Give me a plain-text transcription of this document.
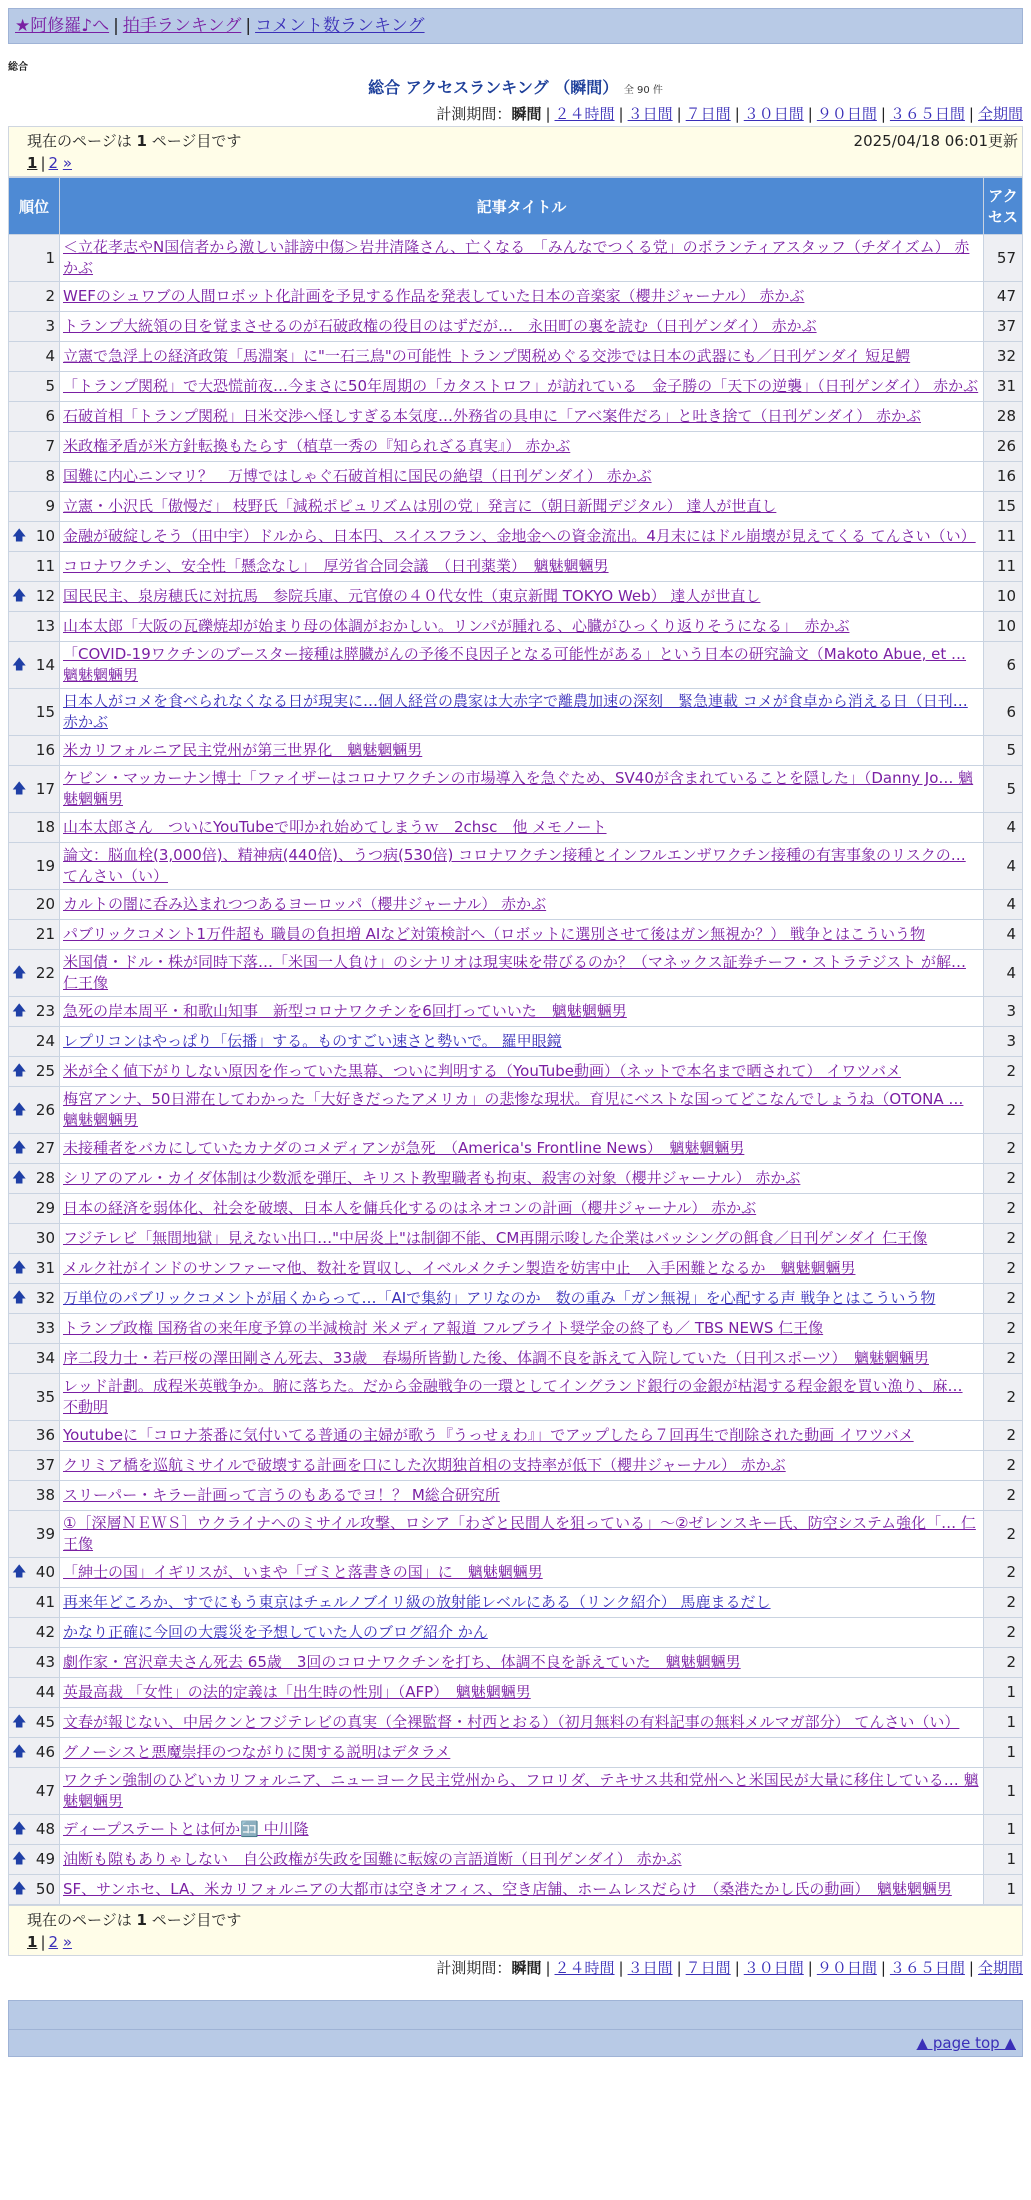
★阿修羅♪へ | 拍手ランキング | コメント数ランキング
総合
総合 アクセスランキング （瞬間） 全 90 件
計測期間：瞬間 | ２４時間 | ３日間 | ７日間 | ３０日間 | ９０日間 | ３６５日間 | 全期間
現在のページは 1 ページ目です	2025/04/18 06:01更新
1 | 2 »
順位	記事タイトル	アクセス
1	＜立花孝志やN国信者から激しい誹謗中傷＞岩井清隆さん、亡くなる　「みんなでつくる党」のボランティアスタッフ（チダイズム） 赤かぶ	57
2	WEFのシュワブの人間ロボット化計画を予見する作品を発表していた日本の音楽家（櫻井ジャーナル） 赤かぶ	47
3	トランプ大統領の目を覚まさせるのが石破政権の役目のはずだが…　永田町の裏を読む（日刊ゲンダイ） 赤かぶ	37
4	立憲で急浮上の経済政策「馬淵案」に"一石三鳥"の可能性 トランプ関税めぐる交渉では日本の武器にも／日刊ゲンダイ 短足鰐	32
5	「トランプ関税」で大恐慌前夜…今まさに50年周期の「カタストロフ」が訪れている　金子勝の「天下の逆襲」（日刊ゲンダイ） 赤かぶ	31
6	石破首相「トランプ関税」日米交渉へ怪しすぎる本気度…外務省の具申に「アベ案件だろ」と吐き捨て（日刊ゲンダイ） 赤かぶ	28
7	米政権矛盾が米方針転換もたらす（植草一秀の『知られざる真実』） 赤かぶ	26
8	国難に内心ニンマリ？　万博ではしゃぐ石破首相に国民の絶望（日刊ゲンダイ） 赤かぶ	16
9	立憲・小沢氏「傲慢だ」 枝野氏「減税ポピュリズムは別の党」発言に（朝日新聞デジタル） 達人が世直し	15

🡅 10	金融が破綻しそう（田中宇）ドルから、日本円、スイスフラン、金地金への資金流出。4月末にはドル崩壊が見えてくる てんさい（い）	11
11	コロナワクチン、安全性「懸念なし」　厚労省合同会議　（日刊薬業）　魑魅魍魎男	11

🡅 12	国民民主、泉房穂氏に対抗馬　参院兵庫、元官僚の４０代女性（東京新聞 TOKYO Web） 達人が世直し	10
13	山本太郎「大阪の瓦礫焼却が始まり母の体調がおかしい。リンパが腫れる、心臓がひっくり返りそうになる」　赤かぶ	10

🡅 14	「COVID-19ワクチンのブースター接種は膵臓がんの予後不良因子となる可能性がある」という日本の研究論文（Makoto Abue, et … 魑魅魍魎男	6
15	日本人がコメを食べられなくなる日が現実に…個人経営の農家は大赤字で離農加速の深刻　緊急連載 コメが食卓から消える日（日刊… 赤かぶ	6
16	米カリフォルニア民主党州が第三世界化　魑魅魍魎男	5

🡅 17	ケビン・マッカーナン博士「ファイザーはコロナワクチンの市場導入を急ぐため、SV40が含まれていることを隠した」（Danny Jo… 魑魅魍魎男	5
18	山本太郎さん　ついにYouTubeで叩かれ始めてしまうｗ　2chsc　他 メモノート	4
19	論文：脳血栓(3,000倍)、精神病(440倍)、うつ病(530倍) コロナワクチン接種とインフルエンザワクチン接種の有害事象のリスクの… てんさい（い）	4
20	カルトの闇に呑み込まれつつあるヨーロッパ（櫻井ジャーナル） 赤かぶ	4
21	パブリックコメント1万件超も 職員の負担増 AIなど対策検討へ（ロボットに選別させて後はガン無視か？） 戦争とはこういう物	4

🡅 22	米国債・ドル・株が同時下落…「米国一人負け」のシナリオは現実味を帯びるのか？（マネックス証券チーフ・ストラテジスト が解… 仁王像	4

🡅 23	急死の岸本周平・和歌山知事　新型コロナワクチンを6回打っていいた　魑魅魍魎男	3
24	レプリコンはやっぱり「伝播」する。ものすごい速さと勢いで。 羅甲眼鏡	3

🡅 25	米が全く値下がりしない原因を作っていた黒幕、ついに判明する（YouTube動画）（ネットで本名まで晒されて） イワツバメ	2

🡅 26	梅宮アンナ、50日滞在してわかった「大好きだったアメリカ」の悲惨な現状。育児にベストな国ってどこなんでしょうね（OTONA … 魑魅魍魎男	2

🡅 27	未接種者をバカにしていたカナダのコメディアンが急死　（America's Frontline News）　魑魅魍魎男	2

🡅 28	シリアのアル・カイダ体制は少数派を弾圧、キリスト教聖職者も拘束、殺害の対象（櫻井ジャーナル） 赤かぶ	2
29	日本の経済を弱体化、社会を破壊、日本人を傭兵化するのはネオコンの計画（櫻井ジャーナル） 赤かぶ	2
30	フジテレビ「無間地獄」見えない出口…"中居炎上"は制御不能、CM再開示唆した企業はバッシングの餌食／日刊ゲンダイ 仁王像	2

🡅 31	メルク社がインドのサンファーマ他、数社を買収し、イベルメクチン製造を妨害中止　入手困難となるか　魑魅魍魎男	2

🡅 32	万単位のパブリックコメントが届くからって…「AIで集約」アリなのか　数の重み「ガン無視」を心配する声 戦争とはこういう物	2
33	トランプ政権 国務省の来年度予算の半減検討 米メディア報道 フルブライト奨学金の終了も／ TBS NEWS 仁王像	2
34	序二段力士・若戸桜の澤田剛さん死去、33歳　春場所皆勤した後、体調不良を訴えて入院していた（日刊スポーツ）　魑魅魍魎男	2
35	レッド計劃。成程米英戦争か。腑に落ちた。だから金融戦争の一環としてイングランド銀行の金銀が枯渇する程金銀を買い漁り、麻… 不動明	2
36	Youtubeに「コロナ茶番に気付いてる普通の主婦が歌う『うっせぇわ』」でアップしたら７回再生で削除された動画 イワツバメ	2
37	クリミア橋を巡航ミサイルで破壊する計画を口にした次期独首相の支持率が低下（櫻井ジャーナル） 赤かぶ	2
38	スリーパー・キラー計画って言うのもあるでヨ！？ M総合研究所	2
39	①［深層ＮＥＷＳ］ウクライナへのミサイル攻撃、ロシア「わざと民間人を狙っている」～②ゼレンスキー氏、防空システム強化「… 仁王像	2

🡅 40	「紳士の国」イギリスが、いまや「ゴミと落書きの国」に　魑魅魍魎男	2
41	再来年どころか、すでにもう東京はチェルノブイリ級の放射能レベルにある（リンク紹介） 馬鹿まるだし	2
42	かなり正確に今回の大震災を予想していた人のブログ紹介 かん	2
43	劇作家・宮沢章夫さん死去 65歳　3回のコロナワクチンを打ち、体調不良を訴えていた　魑魅魍魎男	2
44	英最高裁 「女性」の法的定義は「出生時の性別」（AFP）　魑魅魍魎男	1

🡅 45	文春が報じない、中居クンとフジテレビの真実（全裸監督・村西とおる）（初月無料の有料記事の無料メルマガ部分） てんさい（い）	1

🡅 46	グノーシスと悪魔崇拝のつながりに関する説明はデタラメ	1
47	ワクチン強制のひどいカリフォルニア、ニューヨーク民主党州から、フロリダ、テキサス共和党州へと米国民が大量に移住している… 魑魅魍魎男	1

🡅 48	ディープステートとは何か🈁 中川隆	1

🡅 49	油断も隙もありゃしない　自公政権が失政を国難に転嫁の言語道断（日刊ゲンダイ） 赤かぶ	1

🡅 50	SF、サンホセ、LA、米カリフォルニアの大都市は空きオフィス、空き店舗、ホームレスだらけ　（桑港たかし氏の動画）　魑魅魍魎男	1
現在のページは 1 ページ目です
1 | 2 »
計測期間：瞬間 | ２４時間 | ３日間 | ７日間 | ３０日間 | ９０日間 | ３６５日間 | 全期間
▲ page top ▲
